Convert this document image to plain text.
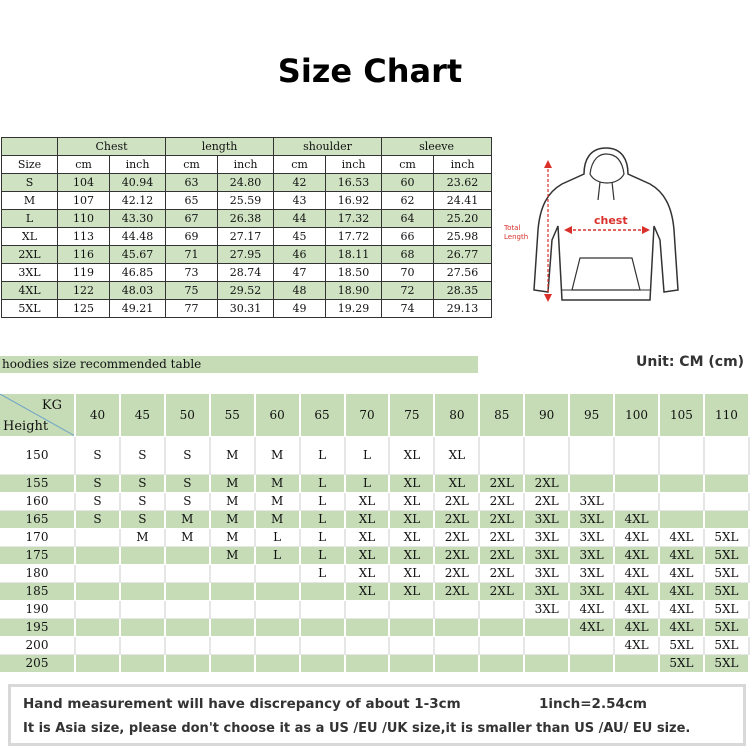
Size Chart
	Chest		length		shoulder		sleeve	
Size	cm	inch	cm	inch	cm	inch	cm	inch
S	104	40.94	63	24.80	42	16.53	60	23.62
M	107	42.12	65	25.59	43	16.92	62	24.41
L	110	43.30	67	26.38	44	17.32	64	25.20
XL	113	44.48	69	27.17	45	17.72	66	25.98
2XL	116	45.67	71	27.95	46	18.11	68	26.77
3XL	119	46.85	73	28.74	47	18.50	70	27.56
4XL	122	48.03	75	29.52	48	18.90	72	28.35
5XL	125	49.21	77	30.31	49	19.29	74	29.13
chest
Total
Length
hoodies size recommended table	Unit: CM (cm)
KG
Height	40	45	50	55	60	65	70	75	80	85	90	95	100	105	110
150	S	S	S	M	M	L	L	XL	XL						
155	S	S	S	M	M	L	L	XL	XL	2XL	2XL				
160	S	S	S	M	M	L	XL	XL	2XL	2XL	2XL	3XL			
165	S	S	M	M	M	L	XL	XL	2XL	2XL	3XL	3XL	4XL		
170		M	M	M	L	L	XL	XL	2XL	2XL	3XL	3XL	4XL	4XL	5XL
175				M	L	L	XL	XL	2XL	2XL	3XL	3XL	4XL	4XL	5XL
180						L	XL	XL	2XL	2XL	3XL	3XL	4XL	4XL	5XL
185							XL	XL	2XL	2XL	3XL	3XL	4XL	4XL	5XL
190											3XL	4XL	4XL	4XL	5XL
195												4XL	4XL	4XL	5XL
200													4XL	5XL	5XL
205														5XL	5XL
Hand measurement will have discrepancy of about 1-3cm	1inch=2.54cm
It is Asia size, please don't choose it as a US /EU /UK size,it is smaller than US /AU/ EU size.
